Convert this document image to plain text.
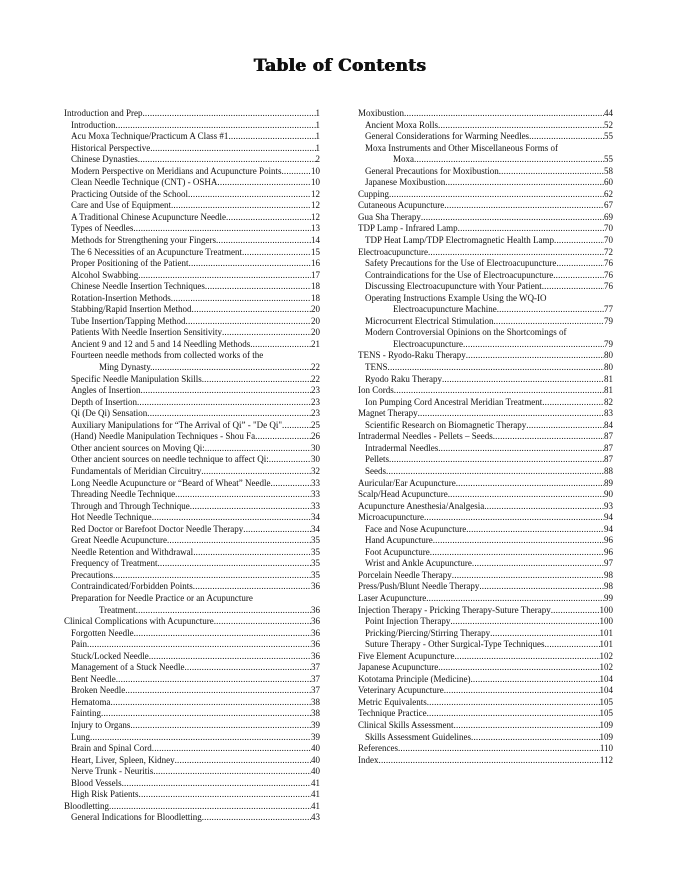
Table of Contents
Introduction and Prep .....	1
Introduction .....	1
Acu Moxa Technique/Practicum A Class #1 .....	1
Historical Perspective .....	1
Chinese Dynasties .....	2
Modern Perspective on Meridians and Acupuncture Points .....	10
Clean Needle Technique (CNT) - OSHA .....	10
Practicing Outside of the School .....	12
Care and Use of Equipment .....	12
A Traditional Chinese Acupuncture Needle .....	12
Types of Needles .....	13
Methods for Strengthening your Fingers .....	14
The 6 Necessities of an Acupuncture Treatment .....	15
Proper Positioning of the Patient .....	16
Alcohol Swabbing .....	17
Chinese Needle Insertion Techniques .....	18
Rotation-Insertion Methods .....	18
Stabbing/Rapid Insertion Method .....	20
Tube Insertion/Tapping Method .....	20
Patients With Needle Insertion Sensitivity .....	20
Ancient 9 and 12 and 5 and 14 Needling Methods .....	21
Fourteen needle methods from collected works of the
Ming Dynasty. .....	22
Specific Needle Manipulation Skills .....	22
Angles of Insertion .....	23
Depth of Insertion .....	23
Qi (De Qi) Sensation .....	23
Auxiliary Manipulations for “The Arrival of Qi” - "De Qi" .....	25
(Hand) Needle Manipulation Techniques - Shou Fa .....	26
Other ancient sources on Moving Qi: .....	30
Other ancient sources on needle technique to affect Qi: .....	30
Fundamentals of Meridian Circuitry .....	32
Long Needle Acupuncture or “Beard of Wheat” Needle .....	33
Threading Needle Technique .....	33
Through and Through Technique .....	33
Hot Needle Technique .....	34
Red Doctor or Barefoot Doctor Needle Therapy .....	34
Great Needle Acupuncture .....	35
Needle Retention and Withdrawal .....	35
Frequency of Treatment .....	35
Precautions .....	35
Contraindicated/Forbidden Points .....	36
Preparation for Needle Practice or an Acupuncture
Treatment .....	36
Clinical Complications with Acupuncture .....	36
Forgotten Needle .....	36
Pain .....	36
Stuck/Locked Needle .....	36
Management of a Stuck Needle .....	37
Bent Needle .....	37
Broken Needle .....	37
Hematoma .....	38
Fainting .....	38
Injury to Organs .....	39
Lung .....	39
Brain and Spinal Cord .....	40
Heart, Liver, Spleen, Kidney .....	40
Nerve Trunk - Neuritis .....	40
Blood Vessels .....	41
High Risk Patients .....	41
Bloodletting .....	41
General Indications for Bloodletting .....	43
Moxibustion .....	44
Ancient Moxa Rolls .....	52
General Considerations for Warming Needles .....	55
Moxa Instruments and Other Miscellaneous Forms of
Moxa .....	55
General Precautions for Moxibustion .....	58
Japanese Moxibustion .....	60
Cupping .....	62
Cutaneous Acupuncture .....	67
Gua Sha Therapy .....	69
TDP Lamp - Infrared Lamp .....	70
TDP Heat Lamp/TDP Electromagnetic Health Lamp .....	70
Electroacupuncture .....	72
Safety Precautions for the Use of Electroacupuncture .....	76
Contraindications for the Use of Electroacupuncture .....	76
Discussing Electroacupuncture with Your Patient .....	76
Operating Instructions Example Using the WQ-IO
Electroacupuncture Machine .....	77
Microcurrent Electrical Stimulation .....	79
Modern Controversial Opinions on the Shortcomings of
Electroacupuncture .....	79
TENS - Ryodo-Raku Therapy .....	80
TENS .....	80
Ryodo Raku Therapy .....	81
Ion Cords .....	81
Ion Pumping Cord Ancestral Meridian Treatment .....	82
Magnet Therapy .....	83
Scientific Research on Biomagnetic Therapy .....	84
Intradermal Needles - Pellets – Seeds .....	87
Intradermal Needles .....	87
Pellets .....	87
Seeds .....	88
Auricular/Ear Acupuncture .....	89
Scalp/Head Acupuncture .....	90
Acupuncture Anesthesia/Analgesia .....	93
Microacupuncture .....	94
Face and Nose Acupuncture .....	94
Hand Acupuncture .....	96
Foot Acupuncture .....	96
Wrist and Ankle Acupuncture .....	97
Porcelain Needle Therapy .....	98
Press/Push/Blunt Needle Therapy .....	98
Laser Acupuncture .....	99
Injection Therapy - Pricking Therapy-Suture Therapy .....	100
Point Injection Therapy .....	100
Pricking/Piercing/Stirring Therapy .....	101
Suture Therapy - Other Surgical-Type Techniques .....	101
Five Element Acupuncture .....	102
Japanese Acupuncture .....	102
Kototama Principle (Medicine) .....	104
Veterinary Acupuncture .....	104
Metric Equivalents .....	105
Technique Practice .....	105
Clinical Skills Assessment .....	109
Skills Assessment Guidelines .....	109
References .....	110
Index .....	112
